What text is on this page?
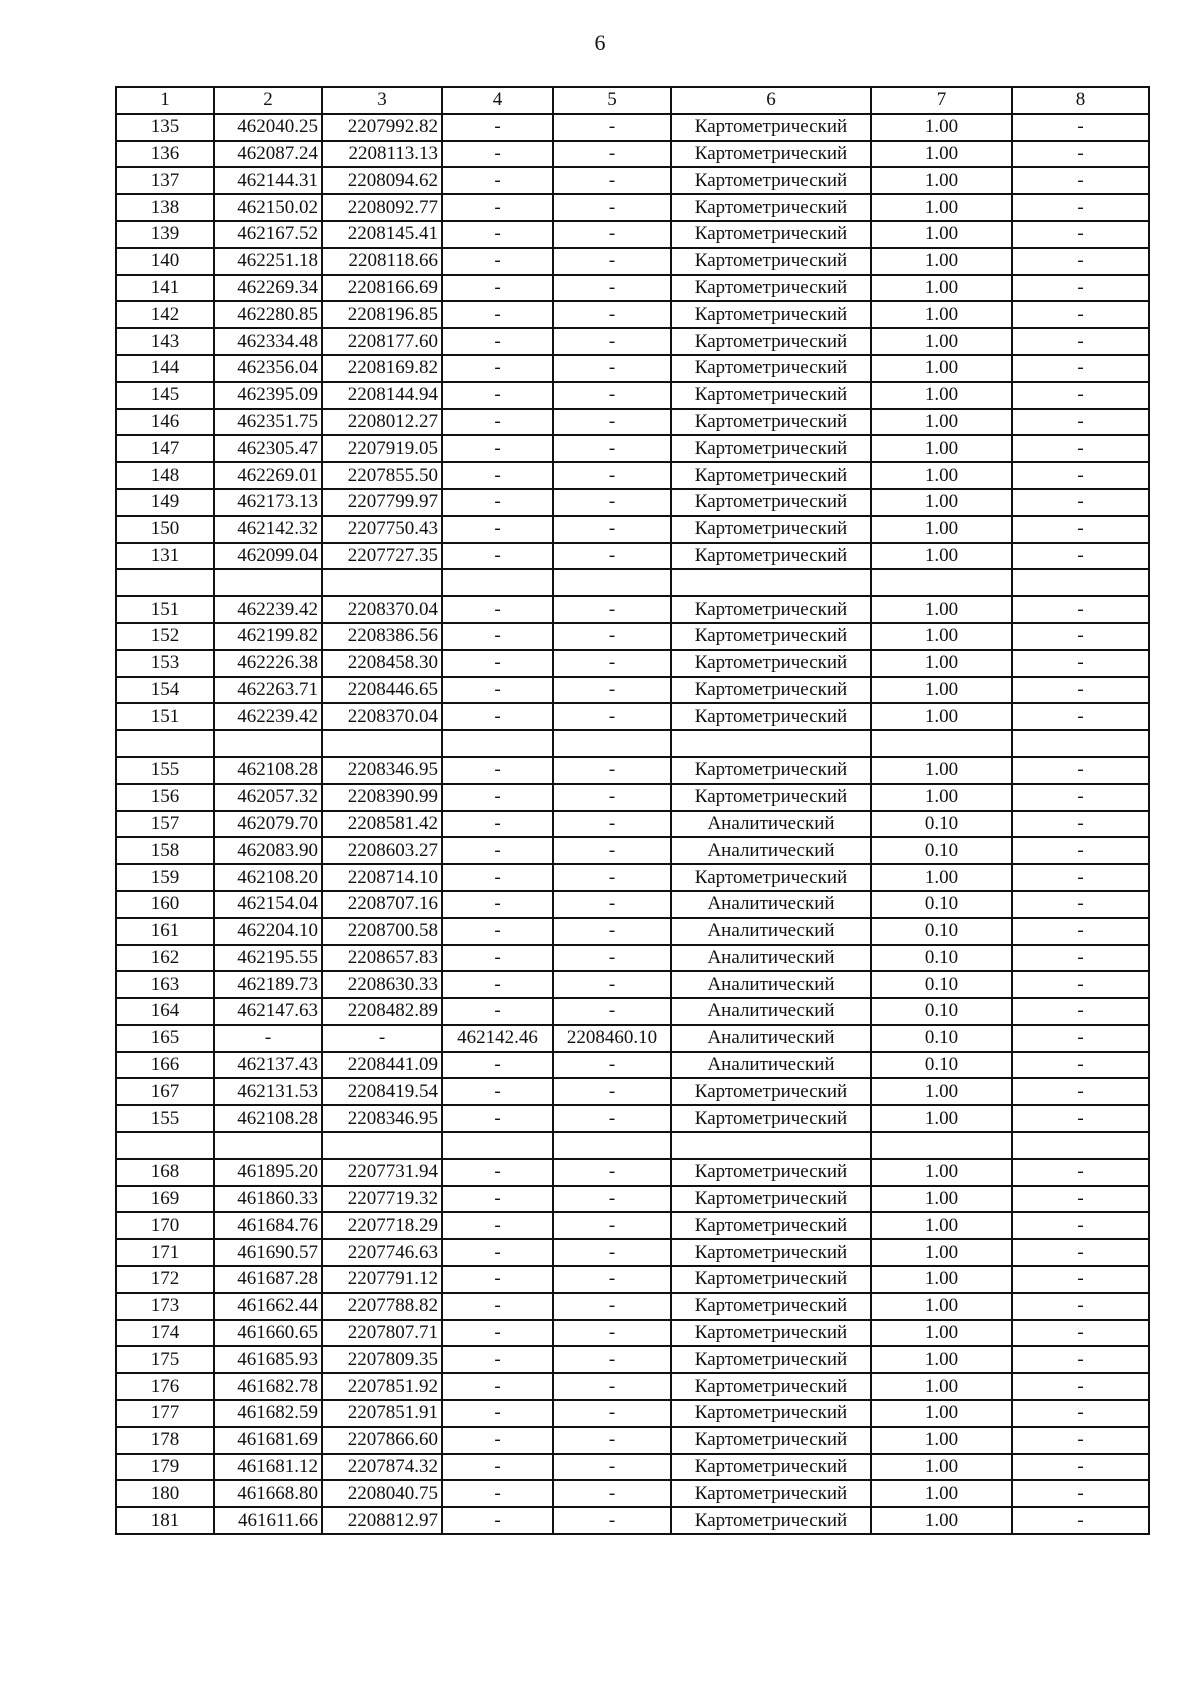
6
1	2	3	4	5	6	7	8
135	462040.25	2207992.82	-	-	Картометрический	1.00	-
136	462087.24	2208113.13	-	-	Картометрический	1.00	-
137	462144.31	2208094.62	-	-	Картометрический	1.00	-
138	462150.02	2208092.77	-	-	Картометрический	1.00	-
139	462167.52	2208145.41	-	-	Картометрический	1.00	-
140	462251.18	2208118.66	-	-	Картометрический	1.00	-
141	462269.34	2208166.69	-	-	Картометрический	1.00	-
142	462280.85	2208196.85	-	-	Картометрический	1.00	-
143	462334.48	2208177.60	-	-	Картометрический	1.00	-
144	462356.04	2208169.82	-	-	Картометрический	1.00	-
145	462395.09	2208144.94	-	-	Картометрический	1.00	-
146	462351.75	2208012.27	-	-	Картометрический	1.00	-
147	462305.47	2207919.05	-	-	Картометрический	1.00	-
148	462269.01	2207855.50	-	-	Картометрический	1.00	-
149	462173.13	2207799.97	-	-	Картометрический	1.00	-
150	462142.32	2207750.43	-	-	Картометрический	1.00	-
131	462099.04	2207727.35	-	-	Картометрический	1.00	-

151	462239.42	2208370.04	-	-	Картометрический	1.00	-
152	462199.82	2208386.56	-	-	Картометрический	1.00	-
153	462226.38	2208458.30	-	-	Картометрический	1.00	-
154	462263.71	2208446.65	-	-	Картометрический	1.00	-
151	462239.42	2208370.04	-	-	Картометрический	1.00	-

155	462108.28	2208346.95	-	-	Картометрический	1.00	-
156	462057.32	2208390.99	-	-	Картометрический	1.00	-
157	462079.70	2208581.42	-	-	Аналитический	0.10	-
158	462083.90	2208603.27	-	-	Аналитический	0.10	-
159	462108.20	2208714.10	-	-	Картометрический	1.00	-
160	462154.04	2208707.16	-	-	Аналитический	0.10	-
161	462204.10	2208700.58	-	-	Аналитический	0.10	-
162	462195.55	2208657.83	-	-	Аналитический	0.10	-
163	462189.73	2208630.33	-	-	Аналитический	0.10	-
164	462147.63	2208482.89	-	-	Аналитический	0.10	-
165	-	-	462142.46	2208460.10	Аналитический	0.10	-
166	462137.43	2208441.09	-	-	Аналитический	0.10	-
167	462131.53	2208419.54	-	-	Картометрический	1.00	-
155	462108.28	2208346.95	-	-	Картометрический	1.00	-

168	461895.20	2207731.94	-	-	Картометрический	1.00	-
169	461860.33	2207719.32	-	-	Картометрический	1.00	-
170	461684.76	2207718.29	-	-	Картометрический	1.00	-
171	461690.57	2207746.63	-	-	Картометрический	1.00	-
172	461687.28	2207791.12	-	-	Картометрический	1.00	-
173	461662.44	2207788.82	-	-	Картометрический	1.00	-
174	461660.65	2207807.71	-	-	Картометрический	1.00	-
175	461685.93	2207809.35	-	-	Картометрический	1.00	-
176	461682.78	2207851.92	-	-	Картометрический	1.00	-
177	461682.59	2207851.91	-	-	Картометрический	1.00	-
178	461681.69	2207866.60	-	-	Картометрический	1.00	-
179	461681.12	2207874.32	-	-	Картометрический	1.00	-
180	461668.80	2208040.75	-	-	Картометрический	1.00	-
181	461611.66	2208812.97	-	-	Картометрический	1.00	-
